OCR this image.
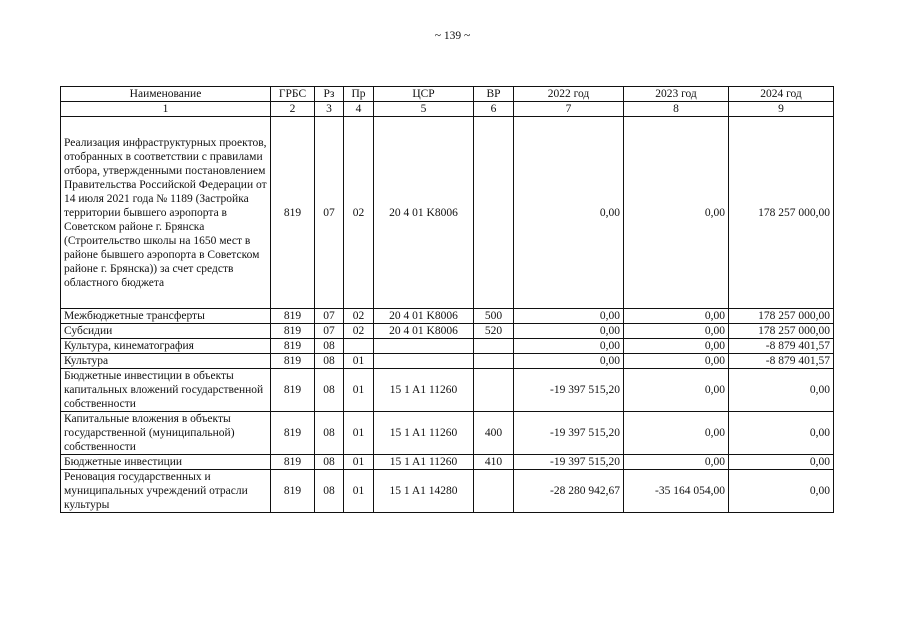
~ 139 ~
Наименование	ГРБС	Рз	Пр	ЦСР	ВР	2022 год	2023 год	2024 год
1	2	3	4	5	6	7	8	9
Реализация инфраструктурных проектов, отобранных в соответствии с правилами отбора, утвержденными постановлением Правительства Российской Федерации от 14 июля 2021 года № 1189 (Застройка территории бывшего аэропорта в Советском районе г. Брянска (Строительство школы на 1650 мест в районе бывшего аэропорта в Советском районе г. Брянска)) за счет средств областного бюджета	819	07	02	20 4 01 K8006		0,00	0,00	178 257 000,00
Межбюджетные трансферты	819	07	02	20 4 01 K8006	500	0,00	0,00	178 257 000,00
Субсидии	819	07	02	20 4 01 K8006	520	0,00	0,00	178 257 000,00
Культура, кинематография	819	08				0,00	0,00	-8 879 401,57
Культура	819	08	01			0,00	0,00	-8 879 401,57
Бюджетные инвестиции в объекты капитальных вложений государственной собственности	819	08	01	15 1 A1 11260		-19 397 515,20	0,00	0,00
Капитальные вложения в объекты государственной (муниципальной) собственности	819	08	01	15 1 A1 11260	400	-19 397 515,20	0,00	0,00
Бюджетные инвестиции	819	08	01	15 1 A1 11260	410	-19 397 515,20	0,00	0,00
Реновация государственных и муниципальных учреждений отрасли культуры	819	08	01	15 1 A1 14280		-28 280 942,67	-35 164 054,00	0,00
